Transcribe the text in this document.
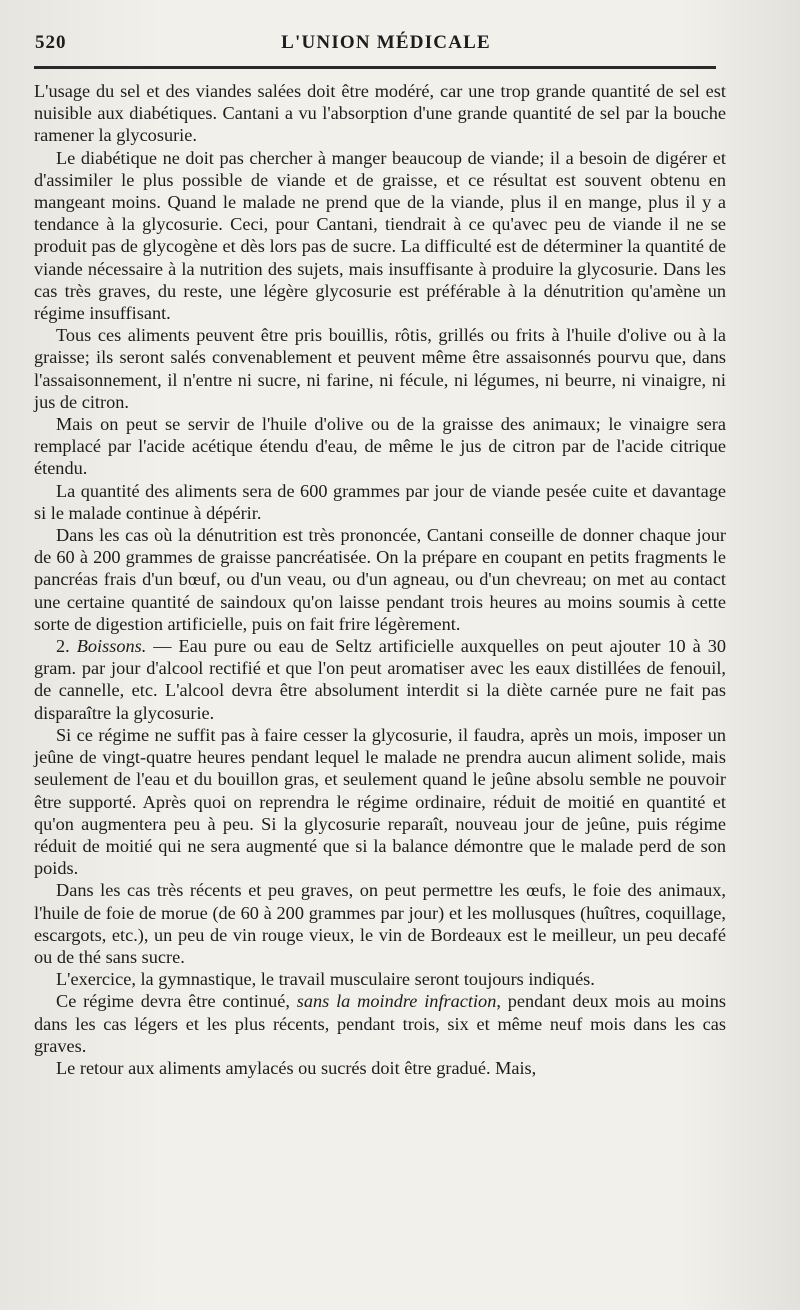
520	L'UNION MÉDICALE

L'usage du sel et des viandes salées doit être modéré, car une trop grande quantité de sel est nuisible aux diabétiques. Cantani a vu l'absorption d'une grande quantité de sel par la bouche ramener la glycosurie.

Le diabétique ne doit pas chercher à manger beaucoup de viande; il a besoin de digérer et d'assimiler le plus possible de viande et de graisse, et ce résultat est souvent obtenu en mangeant moins. Quand le malade ne prend que de la viande, plus il en mange, plus il y a tendance à la glycosurie. Ceci, pour Cantani, tiendrait à ce qu'avec peu de viande il ne se produit pas de glycogène et dès lors pas de sucre. La difficulté est de déterminer la quantité de viande nécessaire à la nutrition des sujets, mais insuffisante à produire la glycosurie. Dans les cas très graves, du reste, une légère glycosurie est préférable à la dénutrition qu'amène un régime insuffisant.

Tous ces aliments peuvent être pris bouillis, rôtis, grillés ou frits à l'huile d'olive ou à la graisse; ils seront salés convenablement et peuvent même être assaisonnés pourvu que, dans l'assaisonnement, il n'entre ni sucre, ni farine, ni fécule, ni légumes, ni beurre, ni vinaigre, ni jus de citron.

Mais on peut se servir de l'huile d'olive ou de la graisse des animaux; le vinaigre sera remplacé par l'acide acétique étendu d'eau, de même le jus de citron par de l'acide citrique étendu.

La quantité des aliments sera de 600 grammes par jour de viande pesée cuite et davantage si le malade continue à dépérir.

Dans les cas où la dénutrition est très prononcée, Cantani conseille de donner chaque jour de 60 à 200 grammes de graisse pancréatisée. On la prépare en coupant en petits fragments le pancréas frais d'un bœuf, ou d'un veau, ou d'un agneau, ou d'un chevreau; on met au contact une certaine quantité de saindoux qu'on laisse pendant trois heures au moins soumis à cette sorte de digestion artificielle, puis on fait frire légèrement.

2. Boissons. — Eau pure ou eau de Seltz artificielle auxquelles on peut ajouter 10 à 30 gram. par jour d'alcool rectifié et que l'on peut aromatiser avec les eaux distillées de fenouil, de cannelle, etc. L'alcool devra être absolument interdit si la diète carnée pure ne fait pas disparaître la glycosurie.

Si ce régime ne suffit pas à faire cesser la glycosurie, il faudra, après un mois, imposer un jeûne de vingt-quatre heures pendant lequel le malade ne prendra aucun aliment solide, mais seulement de l'eau et du bouillon gras, et seulement quand le jeûne absolu semble ne pouvoir être supporté. Après quoi on reprendra le régime ordinaire, réduit de moitié en quantité et qu'on augmentera peu à peu. Si la glycosurie reparaît, nouveau jour de jeûne, puis régime réduit de moitié qui ne sera augmenté que si la balance démontre que le malade perd de son poids.

Dans les cas très récents et peu graves, on peut permettre les œufs, le foie des animaux, l'huile de foie de morue (de 60 à 200 grammes par jour) et les mollusques (huîtres, coquillage, escargots, etc.), un peu de vin rouge vieux, le vin de Bordeaux est le meilleur, un peu decafé ou de thé sans sucre.

L'exercice, la gymnastique, le travail musculaire seront toujours indiqués.

Ce régime devra être continué, sans la moindre infraction, pendant deux mois au moins dans les cas légers et les plus récents, pendant trois, six et même neuf mois dans les cas graves.

Le retour aux aliments amylacés ou sucrés doit être gradué. Mais,
